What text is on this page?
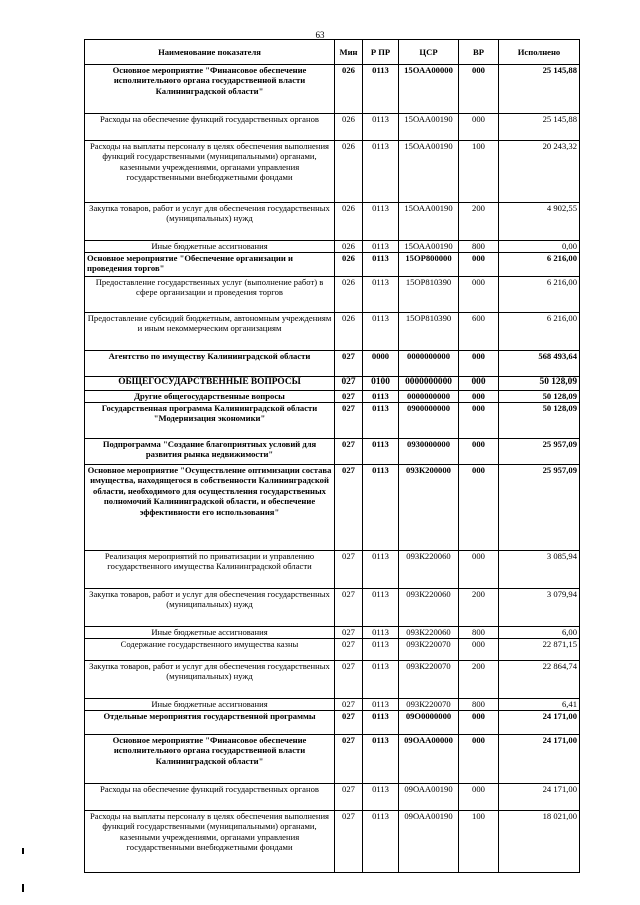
63
Наименование показателя	Мин	Р ПР	ЦСР	ВР	Исполнено
Основное мероприятие "Финансовое обеспечение исполнительного органа государственной власти Калининградской области"	026	0113	15ОАА00000	000	25 145,88
Расходы на обеспечение функций государственных органов	026	0113	15ОАА00190	000	25 145,88
Расходы на выплаты персоналу в целях обеспечения выполнения функций государственными (муниципальными) органами, казенными учреждениями, органами управления государственными внебюджетными фондами	026	0113	15ОАА00190	100	20 243,32
Закупка товаров, работ и услуг для обеспечения государственных (муниципальных) нужд	026	0113	15ОАА00190	200	4 902,55
Иные бюджетные ассигнования	026	0113	15ОАА00190	800	0,00
Основное мероприятие "Обеспечение организации и проведения торгов"	026	0113	15ОР800000	000	6 216,00
Предоставление государственных услуг (выполнение работ) в сфере организации и проведения торгов	026	0113	15ОР810390	000	6 216,00
Предоставление субсидий бюджетным, автономным учреждениям и иным некоммерческим организациям	026	0113	15ОР810390	600	6 216,00
Агентство по имуществу Калининградской области	027	0000	0000000000	000	568 493,64
ОБЩЕГОСУДАРСТВЕННЫЕ ВОПРОСЫ	027	0100	0000000000	000	50 128,09
Другие общегосударственные вопросы	027	0113	0000000000	000	50 128,09
Государственная программа Калининградской области "Модернизация экономики"	027	0113	0900000000	000	50 128,09
Подпрограмма "Создание благоприятных условий для развития рынка недвижимости"	027	0113	0930000000	000	25 957,09
Основное мероприятие "Осуществление оптимизации состава имущества, находящегося в собственности Калининградской области, необходимого для осуществления государственных полномочий Калининградской области, и обеспечение эффективности его использования"	027	0113	093К200000	000	25 957,09
Реализация мероприятий по приватизации и управлению государственного имущества Калининградской области	027	0113	093К220060	000	3 085,94
Закупка товаров, работ и услуг для обеспечения государственных (муниципальных) нужд	027	0113	093К220060	200	3 079,94
Иные бюджетные ассигнования	027	0113	093К220060	800	6,00
Содержание государственного имущества казны	027	0113	093К220070	000	22 871,15
Закупка товаров, работ и услуг для обеспечения государственных (муниципальных) нужд	027	0113	093К220070	200	22 864,74
Иные бюджетные ассигнования	027	0113	093К220070	800	6,41
Отдельные мероприятия государственной программы	027	0113	09О0000000	000	24 171,00
Основное мероприятие "Финансовое обеспечение исполнительного органа государственной власти Калининградской области"	027	0113	09ОАА00000	000	24 171,00
Расходы на обеспечение функций государственных органов	027	0113	09ОАА00190	000	24 171,00
Расходы на выплаты персоналу в целях обеспечения выполнения функций государственными (муниципальными) органами, казенными учреждениями, органами управления государственными внебюджетными фондами	027	0113	09ОАА00190	100	18 021,00
